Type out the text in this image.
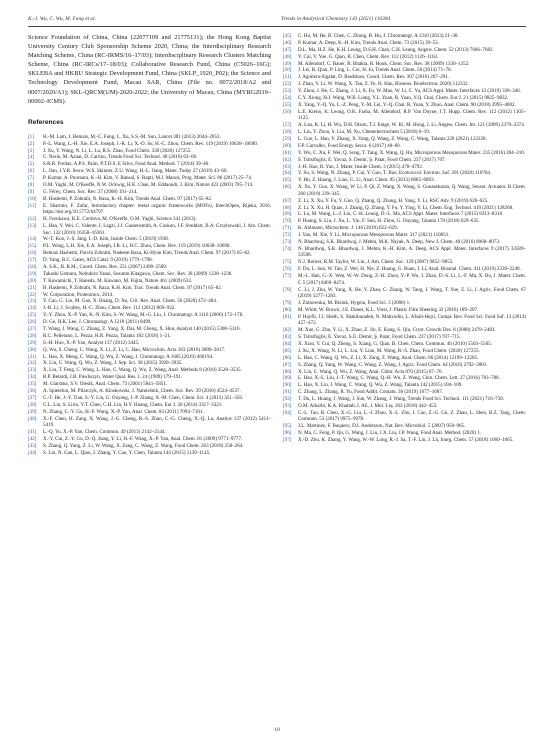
K.-J. Wu, C. Wu, M. Fang et al.	Trends in Analytical Chemistry 143 (2021) 116384

Science Foundation of China, China (22077109 and 21775131); the Hong Kong Baptist University Century Club Sponsorship Scheme 2020, China; the Interdisciplinary Research Matching Scheme, China (RC-IRMS/16–17/03); Interdisciplinary Research Clusters Matching Scheme, China (RC-IRCs/17–18/03); Collaborative Research Fund, China (C5026–16G); SKLEBA and HKBU Strategic Development Fund, China (SKLP_1920_P02); the Science and Technology Development Fund, Macau SAR, China (File no. 0072/2018/A2 and 0007/2020/A1); SKL-QRCM(UM)-2020-2022; the University of Macau, China (MYRG2019–00002–ICMS).

References
[1]	H.-M. Lam, J. Remais, M.-C. Fung, L. Xu, S.S.-M. Sun, Lancet 381 (2013) 2044–2053.
[2]	P.-L. Wang, L.-H. Xie, E.A. Joseph, J.-R. Li, X.-O. Su, H.-C. Zhou, Chem. Rev. 119 (2019) 10638–10690.
[3]	J. Xu, Y. Wang, N. Li, L. Lu, R.S. Zhao, Food Chem. 330 (2020) 127255.
[4]	C. Nerin, M. Aznar, D. Carrizo, Trends Food Sci. Technol. 48 (2016) 63–68.
[5]	S.R.R. Freitas, A.P.S. Paim, P.T.D.S. E Silva, Food Anal. Method. 7 (2014) 39–46.
[6]	L. Jian, J.Y.R. Seow, W.S. Skinner, Z.U. Wang, H.-L. Jiang, Mater. Today 27 (2019) 43–68.
[7]	P. Kumar, A. Pournara, K.-H. Kim, V. Bansal, S. Rapti, M.J. Manos, Prog. Mater. Sci. 86 (2017) 25–74.
[8]	O.M. Yaghi, M. O'Keeffe, N.W. Ockwig, H.K. Chae, M. Eddaoudi, J. Kim, Nature 423 (2003) 705–714.
[9]	G. Férey, Chem. Soc. Rev. 37 (2008) 191–214.
[10]	B. Hashemi, P. Zohrabi, N. Raza, K.-H. Kim, Trends Anal. Chem. 97 (2017) 65–82.
[11]	E. Sharmin, F. Zafar, Introductory chapter: metal organic frameworks (MOFs), IntechOpen, Rijeka, 2016. https://doi.org/10.5772/64797.
[12]	H. Furukawa, K.E. Cordova, M. O'Keeffe, O.M. Yaghi, Science 341 (2013).
[13]	L. Han, Y. Wei, C. Valente, I. Lagzi, J.J. Gassensmith, A. Coskun, J.F. Stoddart, B.A. Grzybowski, J. Am. Chem. Soc. 132 (2010) 16358–16361.
[14]	W.-T. Koo, J.-S. Jang, I.-D. Kim, Inside Chem. 5 (2019) 1938.
[15]	P.L. Wang, L.H. Xie, E.A. Joseph, J.R. Li, H.C. Zhou, Chem. Rev. 119 (2019) 10638–10690.
[16]	Behnaz Hashemi, Parvin Zohrabi, Nadeem Raza, Ki-Hyun Kim, Trends Anal. Chem. 97 (2017) 65–82.
[17]	D. Yang, B.C. Gates, ACS Catal. 9 (2019) 1779–1798.
[18]	A. S.K., B. R.M., Coord. Chem. Rev. 251 (2007) 2490–2509.
[19]	Takashi Uemura, Nobuhiro Yanai, Susumu Kitagawa, Chem. Soc. Rev. 38 (2009) 1228–1236.
[20]	T. Kawamichi, T. Haneda, M. Kawano, M. Fujita, Nature 461 (2009) 633.
[21]	B. Hashemi, P. Zohrabi, N. Raza, K.H. Kim, Trac. Trends Anal. Chem. 97 (2017) 65–82.
[22]	W. Corporation, Proteomics, 2014.
[23]	Y. Cao, G. Liu, M. Gao, X. Huang, D. Xu, Crit. Rev. Anal. Chem. 50 (2020) 472–484.
[24]	J.-R. Li, J. Sculley, H.-C. Zhou, Chem. Rev. 112 (2012) 869–932.
[25]	Y.-Y. Zhou, X.-P. Yan, K.-N. Kim, S.-W. Wang, M.-G. Liu, J. Chromatogr. A 1116 (2006) 172–178.
[26]	D. Ge, H.K. Lee, J. Chromatogr. A 1218 (2011) 8490.
[27]	T. Wang, J. Wang, C. Zhang, Z. Yang, X. Dai, M. Cheng, X. Hou, Analyst 140 (2015) 5308–5316.
[28]	R.C. Pellerano, L. Pezza, H.R. Pezza, Talanta 182 (2018) 1–21.
[29]	S.-H. Huo, X.-P. Yan, Analyst 137 (2012) 3445.
[30]	Q. Wu, S. Cheng, C. Wang, X. Li, Z. Li, C. Hao, Microchim. Acta 183 (2016) 3009–3017.
[31]	L. Hao, X. Meng, C. Wang, Q. Wu, Z. Wang, J. Chromatogr. A 1605 (2019) 460194.
[32]	X. Liu, C. Wang, Q. Wu, Z. Wang, J. Sep. Sci. 38 (2015) 3928–3935.
[33]	X. Liu, T. Feng, C. Wang, L. Hao, C. Wang, Q. Wu, Z. Wang, Anal. Methods 8 (2016) 3528–3535.
[34]	R.P. Belardi, J.B. Pawliszyn, Water Qual. Res. J. 24 (1989) 179–191.
[35]	M. Giardina, S.V. Olesik, Anal. Chem. 73 (2001) 5841–5851.
[36]	A. Spietelun, M. Pilarczyk, A. Kloskowski, J. Namieśnik, Chem. Soc. Rev. 39 (2010) 4524–4537.
[37]	C.-T. He, J.-Y. Tian, S.-Y. Liu, G. Ouyang, J.-P. Zhang, X.-M. Chen, Chem. Sci. 4 (2013) 351–356.
[38]	C.L. Lin, S. Lirio, Y.T. Chen, C.H. Lin, H.Y. Huang, Chem. Eur J. 20 (2014) 3317–3321.
[39]	N. Zhang, C.-Y. Gu, H.-F. Wang, X.-P. Yan, Anal. Chem. 83 (2011) 7094–7101.
[40]	X.-F. Chen, H. Zang, X. Wang, J.-G. Cheng, R.-S. Zhao, C.-G. Cheng, X.-Q. Lu, Analyst 137 (2012) 5411–5419.
[41]	L.-Q. Yu, X.-P. Yan, Chem. Commun. 49 (2013) 2142–2144.
[42]	X.-Y. Cui, Z.-Y. Gu, D.-Q. Jiang, Y. Li, H.-F. Wang, X.-P. Yan, Anal. Chem. 81 (2009) 9771–9777.
[43]	S. Zhang, Q. Yang, Z. Li, W. Wang, X. Zang, C. Wang, Z. Wang, Food Chem. 263 (2018) 258–264.
[44]	S. Lin, N. Gan, L. Qiao, J. Zhang, Y. Cao, Y. Chen, Talanta 144 (2015) 1139–1145.
[45]	C. Hu, M. He, B. Chen, C. Zhong, B. Hu, J. Chromatogr. A 1310 (2013) 21–30.
[46]	P. Kumar, A. Deep, K.-H. Kim, Trends Anal. Chem. 73 (2015) 39–53.
[47]	D.L. Ma, H.Z. He, K.H. Leung, D.S.H. Chan, C.H. Leung, Angew. Chem. 52 (2013) 7666–7682.
[48]	Y. Cui, Y. Yue, G. Qian, B. Chen, Chem. Rev. 112 (2012) 1126–1162.
[49]	M. Allendorf, C. Bauer, R. Bhakta, R. Houk, Chem. Soc. Rev. 38 (2009) 1330–1352.
[50]	J. Lei, R. Qian, P. Ling, L. Cui, H. Ju, Trends Anal. Chem. 58 (2014) 71–78.
[51]	J. Aguilera-Sigalat, D. Bradshaw, Coord. Chem. Rev. 307 (2016) 267–291.
[52]	J. Zhao, Y. Li, W. Wang, X. Tan, Z. Ye, H. Han, Biosens. Bioelectron. 2020) 112332.
[53]	Y. Zhou, J. He, C. Zhang, J. Li, X. Fu, W. Mao, W. Li, C. Yu, ACS Appl. Mater. Interfaces 12 (2019) 338–346.
[54]	C.Y. Xiong, H.J. Wang, W.B. Liang, Y.L. Yuan, R. Yuan, Y.Q. Chai, Chem. Eur J. 21 (2015) 9825–9832.
[55]	X. Yang, Y.-Q. Yu, L.-Z. Peng, Y.-M. Lei, Y.-Q. Chai, R. Yuan, Y. Zhuo, Anal. Chem. 90 (2018) 3995–4002.
[56]	L.E. Kreno, K. Leong, O.K. Farha, M. Allendorf, R.P. Van Duyne, J.T. Hupp, Chem. Rev. 112 (2012) 1105–1125.
[57]	A. Lan, K. Li, H. Wu, D.H. Olson, T.J. Emge, W. Ki, M. Hong, J. Li, Angew. Chem. Int. 121 (2009) 2370–2374.
[58]	L. Liu, Y. Zhou, S. Liu, M. Xu, Chemelectrochem 5 (2018) 6–19.
[59]	L. Guo, L. Hao, Y. Zhang, X. Yang, Q. Wang, Z. Wang, C. Wang, Talanta 228 (2021) 122228.
[60]	F.P. Carvalho, Food Energy Secur. 6 (2017) 48–60.
[61]	Y. Wu, C. Xu, F. Wei, Q. Song, T. Tang, X. Wang, Q. Hu, Microporous Mesoporous Mater. 235 (2016) 204–210.
[62]	S. Tsitsifoglis, E. Yavuz, S. Demir, Ş. Patat, Food Chem. 237 (2017) 707.
[63]	J.-H. Hao, R. Yan, J. Maier, Inside Chem. 3 (2015) 478–4792.
[64]	Y. Su, S. Wang, N. Zhang, P. Cui, Y. Gao, T. Bao, Ecotoxicol. Environ. Saf. 201 (2020) 110764.
[65]	Y. Hu, Z. Huang, J. Liao, G. Li, Anal. Chem. 85 (2013) 6885–6893.
[66]	X. Xu, Y. Guo, X. Wang, W. Li, P. Qi, Z. Wang, X. Wang, S. Gunasekaran, Q. Wang, Sensor. Actuator. B Chem. 260 (2018) 339–345.
[67]	Z. Li, X. Xu, Y. Fu, Y. Guo, Q. Zhang, Q. Zhang, H. Yang, Y. Li, RSC Adv. 9 (2019) 620–625.
[68]	Z. Li, X. Xu, H. Quan, J. Zhang, Q. Zhang, Y. Fu, Y. Ying, Y. Li, Chem. Eng. Technol. 410 (2021) 128268.
[69]	L. Lu, M. Wang, L.-J. Liu, C.-H. Leung, D.-L. Ma, ACS Appl. Mater. Interfaces 7 (2015) 8313–8318.
[70]	P. Huang, S. Liu, J. Xu, L. Yin, F. Sun, H. Zhou, G. Ouyang, Talanta 178 (2018) 629–635.
[71]	K. Ahlmann, Microchem. J. 146 (2019) 622–629.
[72]	J. Yao, M. Xie, Y. Li, Microporous Mesoporous Mater. 317 (2021) 110831.
[73]	N. Bhardwaj, S.K. Bhardwaj, J. Mehta, M.K. Nayak, A. Deep, New J. Chem. 40 (2016) 8068–8073.
[74]	N. Bhardwaj, S.K. Bhardwaj, J. Mehta, K.-H. Kim, A. Deep, ACS Appl. Mater. Interfaces 9 (2017) 33589–33598.
[75]	N.J. Rohrer, R.M. Taylor, W. Lin, J. Am. Chem. Soc. 129 (2007) 9852–9853.
[76]	F. Du, L. Sun, W. Tan, Z. Wei, H. Nie, Z. Huang, G. Ruan, J. Li, Anal. Bioanal. Chem. 411 (2019) 2239–2248.
[77]	M.-L. Han, G.-X. Wen, W.-W. Dong, Z.-H. Zhou, Y.-P. Wu, J. Zhao, D.-S. Li, L.-F. Ma, X. Bu, J. Mater. Chem. C 5 (2017) 8469–8474.
[78]	C. Li, J. Zhu, W. Yang, X. He, Y. Zhao, C. Zhang, W. Tang, J. Wang, T. Yue, Z. Li, J. Agric. Food Chem. 67 (2019) 1277–1283.
[79]	J. Zolnowska, M. Biziuk, Hygeia, Food Sci. 3 (2008) 1.
[80]	M. Whitt, W. Brown, J.E. Danes, K.L. Vorst, J. Plastic Film Sheeting 32 (2016) 189–207.
[81]	P. Hayfli, J.J. Sheth, S. Shakibaradeh, N. Mahyudin, L. Afsah-Hejri, Compr. Rev. Food Sci. Food Saf. 13 (2014) 457–472.
[82]	M. Xue, G. Zhu, Y. Li, X. Zhao, Z. Jin, E. Kang, S. Qiu, Cryst. Growth Des. 8 (2008) 2478–2483.
[83]	S. Tsitsifoglis, E. Yavuz, S.Ü. Demir, Ş. Patat, Food Chem. 237 (2017) 707–715.
[84]	X. Xiao, Y. Cui, Q. Zheng, S. Xiang, G. Qian, B. Chen, Chem. Commun. 46 (2010) 5503–5505.
[85]	J. Xu, X. Wang, N. Li, L. Liu, Y. Lian, M. Wang, R.-S. Zhao, Food Chem. (2020) 127255.
[86]	L. Hao, C. Wang, Q. Wu, Z. Li, X. Zang, Z. Wang, Anal. Chem. 86 (2014) 12199–12205.
[87]	S. Zhang, Q. Yang, W. Wang, C. Wang, Z. Wang, J. Agric. Food Chem. 64 (2016) 2792–2801.
[88]	X. Liu, C. Wang, Q. Wu, Z. Wang, Anal. Chim. Acta 870 (2015) 67–76.
[89]	L. Hao, X.-L. Liu, J.-T. Wang, C. Wang, Q.-H. Wu, Z. Wang, Chin. Chem. Lett. 27 (2016) 783–788.
[90]	L. Hao, X. Liu, J. Wang, C. Wang, Q. Wu, Z. Wang, Talanta 142 (2015) 104–109.
[91]	C. Zhang, L. Zhang, R. Yu, Food Addit. Contam. 36 (2019) 1677–1687.
[92]	T. Du, L. Huang, J. Wang, J. Sun, W. Zhang, J. Wang, Trends Food Sci. Technol. 111 (2021) 716–730.
[93]	O.M. Alharbi, K.A. Khattab, I. Ali, J. Mol. Liq. 263 (2018) 442–453.
[94]	C.-L. Tao, B. Chen, X.-G. Liu, L.-J. Zhou, X.-L. Zhu, J. Cao, Z.-G. Gu, Z. Zhao, L. Shen, B.Z. Tang, Chem. Commun. 53 (2017) 9975–9978.
[95]	J.L. Martinez, F. Baquero, D.I. Andersson, Nat. Rev. Microbiol. 5 (2007) 958–965.
[96]	N. Ma, C. Feng, P. Qu, G. Wang, J. Liu, J.X. Liu, J.P. Wang, Food Anal. Method. (2020) 1.
[97]	X.-D. Zhu, K. Zhang, Y. Wang, W.-W. Long, R.-J. Sa, T.-F. Liu, J. Lü, Inorg. Chem. 57 (2018) 1060–1065.
10
